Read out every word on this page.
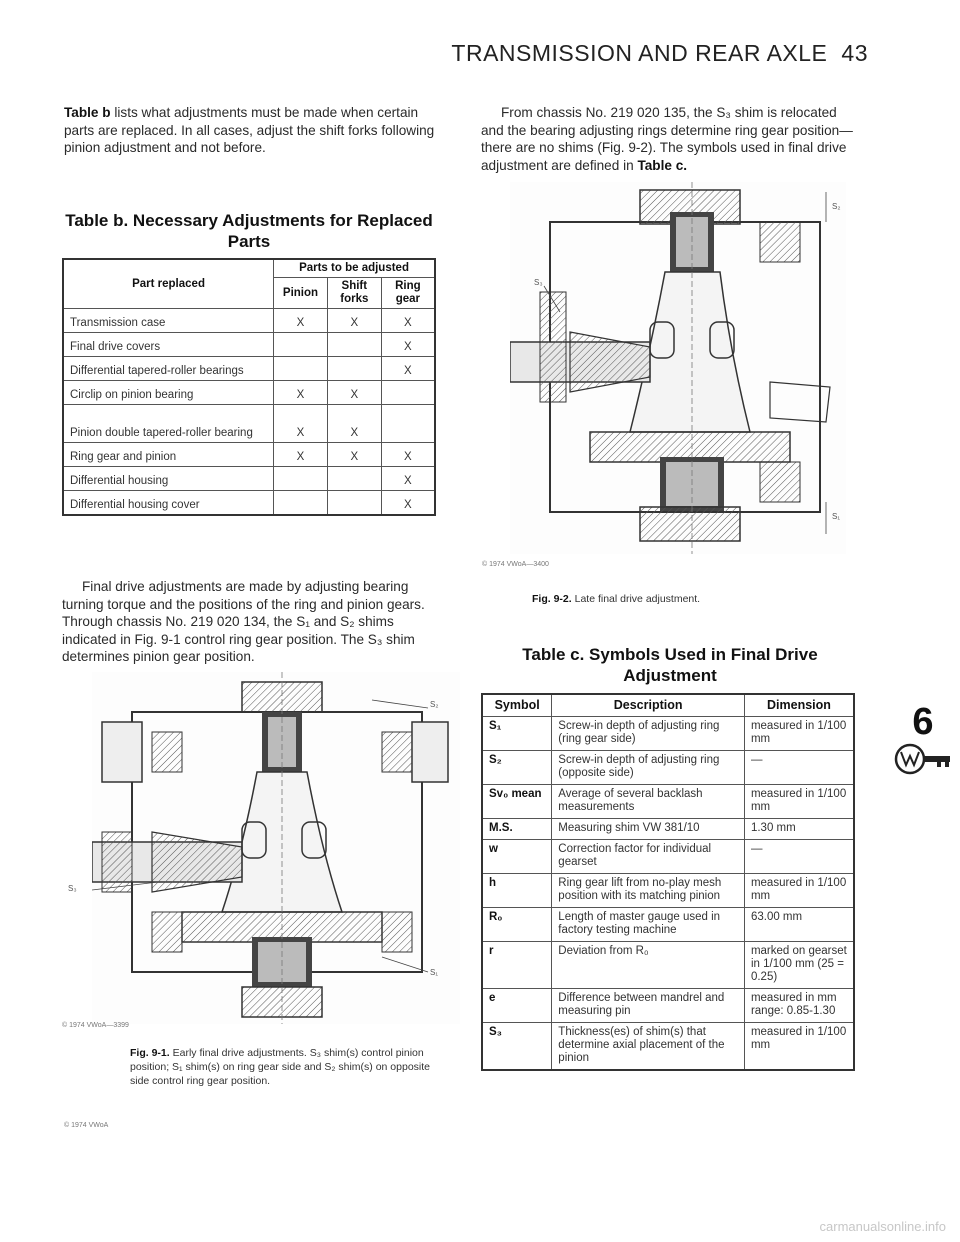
TRANSMISSION AND REAR AXLE 43
Table b lists what adjustments must be made when certain parts are replaced. In all cases, adjust the shift forks following pinion adjustment and not before.
Table b. Necessary Adjustments for Replaced Parts
Part replaced	Parts to be adjusted		
	Pinion	Shift forks	Ring gear
Transmission case	X	X	X
Final drive covers			X
Differential tapered-roller bearings			X
Circlip on pinion bearing	X	X	
Pinion double tapered-roller bearing	X	X	
Ring gear and pinion	X	X	X
Differential housing			X
Differential housing cover			X
Final drive adjustments are made by adjusting bearing turning torque and the positions of the ring and pinion gears. Through chassis No. 219 020 134, the S₁ and S₂ shims indicated in Fig. 9-1 control ring gear position. The S₃ shim determines pinion gear position.
S₂
S₃
S₁
© 1974 VWoA—3399
Fig. 9-1. Early final drive adjustments. S₃ shim(s) control pinion position; S₁ shim(s) on ring gear side and S₂ shim(s) on opposite side control ring gear position.
© 1974 VWoA
From chassis No. 219 020 135, the S₃ shim is relocated and the bearing adjusting rings determine ring gear position—there are no shims (Fig. 9-2). The symbols used in final drive adjustment are defined in Table c.
S₂
S₃
S₁
© 1974 VWoA—3400
Fig. 9-2. Late final drive adjustment.
Table c. Symbols Used in Final Drive Adjustment
Symbol	Description	Dimension
S₁	Screw-in depth of adjusting ring (ring gear side)	measured in 1/100 mm
S₂	Screw-in depth of adjusting ring (opposite side)	—
Sv₀ mean	Average of several backlash measurements	measured in 1/100 mm
M.S.	Measuring shim VW 381/10	1.30 mm
w	Correction factor for individual gearset	—
h	Ring gear lift from no-play mesh position with its matching pinion	measured in 1/100 mm
R₀	Length of master gauge used in factory testing machine	63.00 mm
r	Deviation from R₀	marked on gearset in 1/100 mm (25 = 0.25)
e	Difference between mandrel and measuring pin	measured in mm range: 0.85-1.30
S₃	Thickness(es) of shim(s) that determine axial placement of the pinion	measured in 1/100 mm
6
carmanualsonline.info
